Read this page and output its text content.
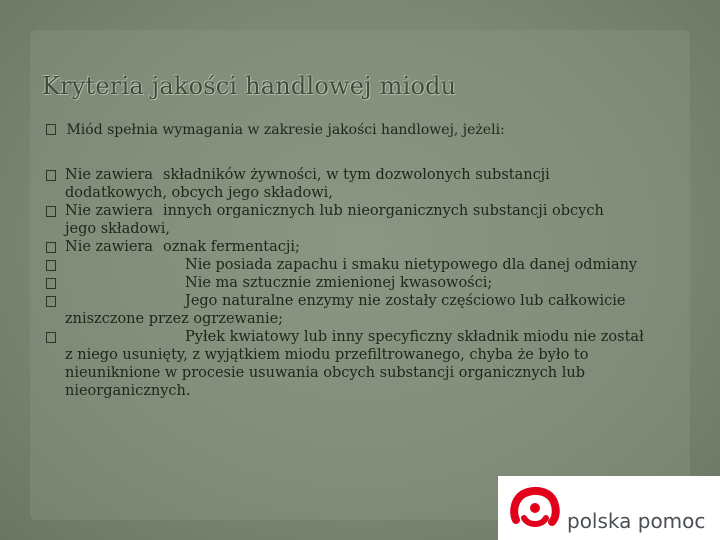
Kryteria jakości handlowej miodu
Miód spełnia wymagania w zakresie jakości handlowej, jeżeli:
Nie zawiera składników żywności, w tym dozwolonych substancji
dodatkowych, obcych jego składowi,
Nie zawiera innych organicznych lub nieorganicznych substancji obcych
jego składowi,
Nie zawiera oznak fermentacji;
Nie posiada zapachu i smaku nietypowego dla danej odmiany
Nie ma sztucznie zmienionej kwasowości;
Jego naturalne enzymy nie zostały częściowo lub całkowicie
zniszczone przez ogrzewanie;
Pyłek kwiatowy lub inny specyficzny składnik miodu nie został
z niego usunięty, z wyjątkiem miodu przefiltrowanego, chyba że było to nieuniknione w procesie usuwania obcych substancji organicznych lub nieorganicznych.
polska pomoc
